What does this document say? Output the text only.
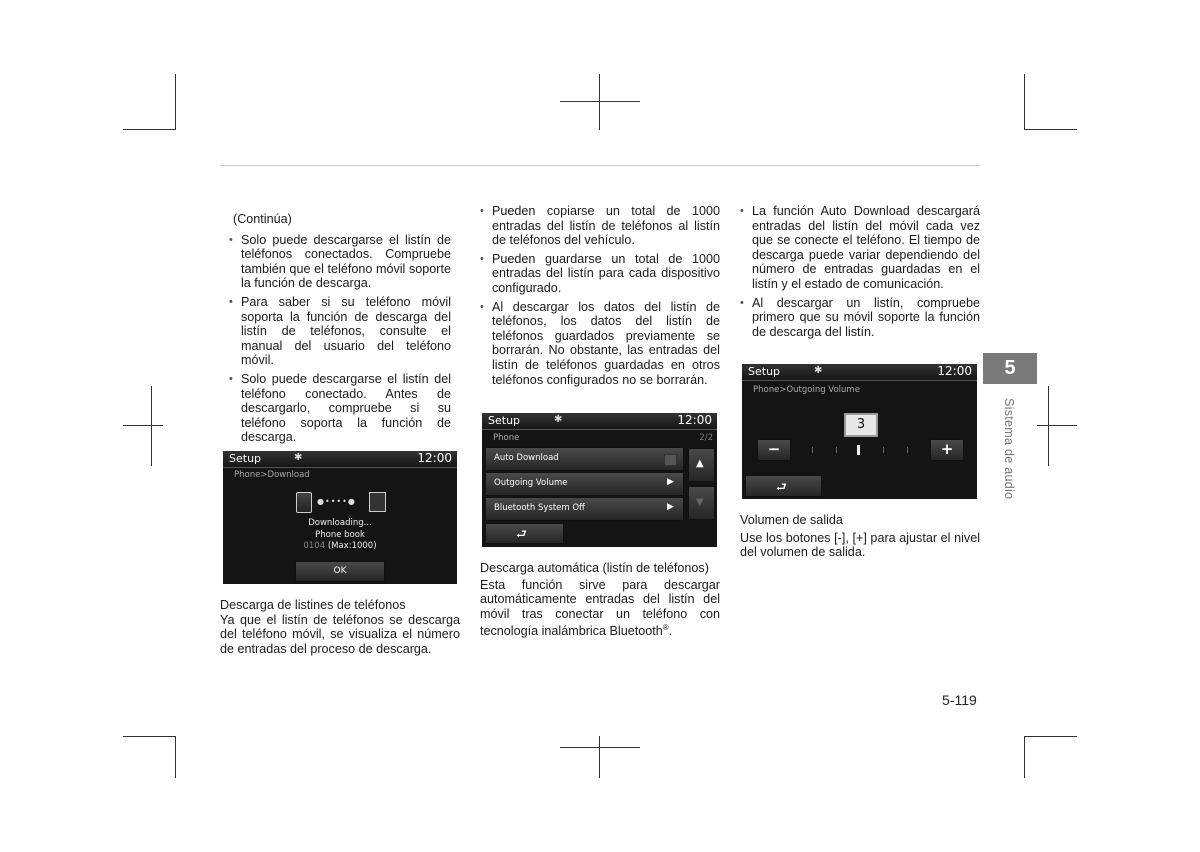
(Continúa)

• Solo puede descargarse el listín de teléfonos conectados. Compruebe también que el teléfono móvil soporte la función de descarga.
• Para saber si su teléfono móvil soporta la función de descarga del listín de teléfonos, consulte el manual del usuario del teléfono móvil.
• Solo puede descargarse el listín del teléfono conectado. Antes de descargarlo, compruebe si su teléfono soporta la función de descarga.
Setup	✱	12:00
Phone>Download
●••••●
Downloading...
Phone book
0104 (Max:1000)
OK

Descarga de listines de teléfonos

Ya que el listín de teléfonos se descarga del teléfono móvil, se visualiza el número de entradas del proceso de descarga.

• Pueden copiarse un total de 1000 entradas del listín de teléfonos al listín de teléfonos del vehículo.
• Pueden guardarse un total de 1000 entradas del listín para cada dispositivo configurado.
• Al descargar los datos del listín de teléfonos, los datos del listín de teléfonos guardados previamente se borrarán. No obstante, las entradas del listín de teléfonos guardadas en otros teléfonos configurados no se borrarán.
Setup	✱	12:00
Phone	2/2
Auto Download
Outgoing Volume	▶
Bluetooth System Off	▶
▲
▼
⮐

Descarga automática (listín de teléfonos)

Esta función sirve para descargar automáticamente entradas del listín del móvil tras conectar un teléfono con tecnología inalámbrica Bluetooth®.

• La función Auto Download descargará entradas del listín del móvil cada vez que se conecte el teléfono. El tiempo de descarga puede variar dependiendo del número de entradas guardadas en el listín y el estado de comunicación.
• Al descargar un listín, compruebe primero que su móvil soporte la función de descarga del listín.
Setup	✱	12:00
Phone>Outgoing Volume
3
−	+
⮐

Volumen de salida

Use los botones [-], [+] para ajustar el nivel del volumen de salida.

5
Sistema de audio
5-119
